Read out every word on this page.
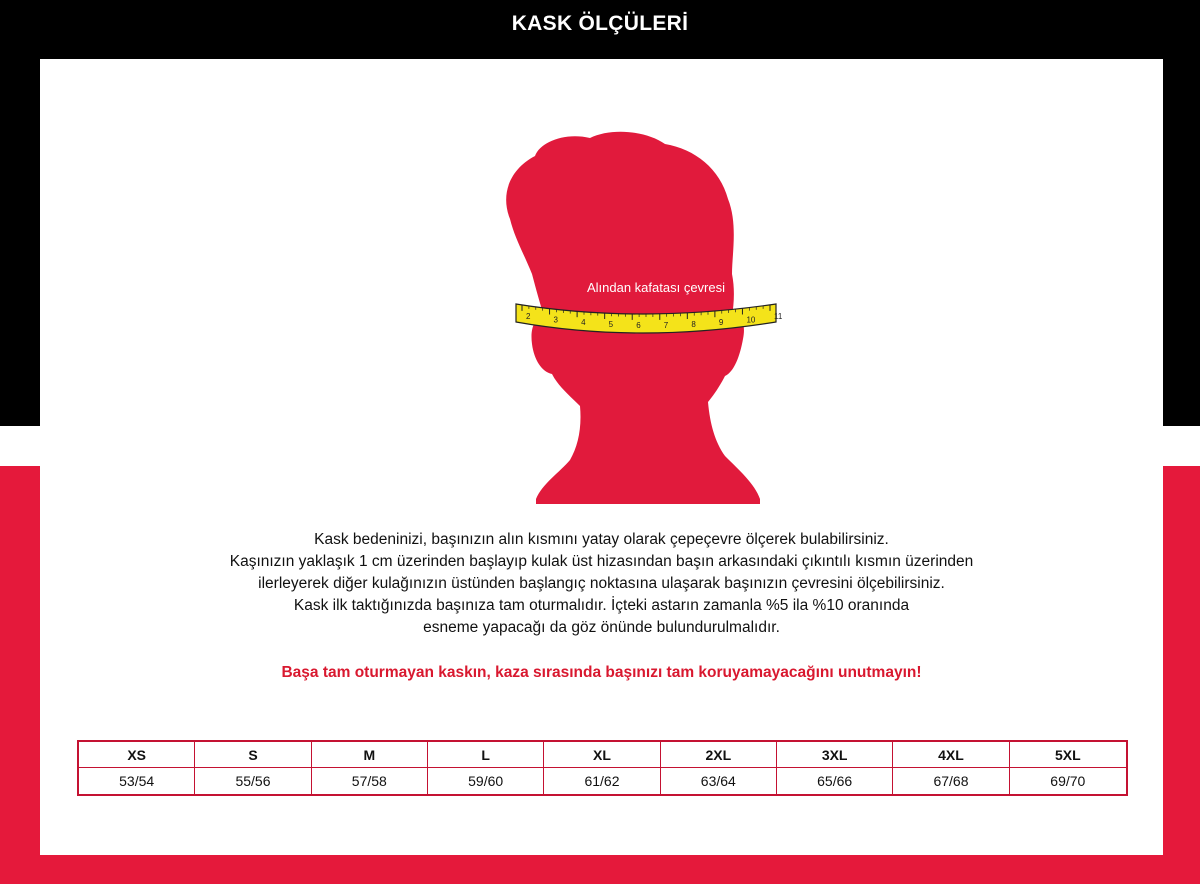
KASK ÖLÇÜLERİ
2	3	4	5	6	7	8	9	10 11
Alından kafatası çevresi
Kask bedeninizi, başınızın alın kısmını yatay olarak çepeçevre ölçerek bulabilirsiniz.
Kaşınızın yaklaşık 1 cm üzerinden başlayıp kulak üst hizasından başın arkasındaki çıkıntılı kısmın üzerinden
ilerleyerek diğer kulağınızın üstünden başlangıç noktasına ulaşarak başınızın çevresini ölçebilirsiniz.
Kask ilk taktığınızda başınıza tam oturmalıdır. İçteki astarın zamanla %5 ila %10 oranında
esneme yapacağı da göz önünde bulundurulmalıdır.
Başa tam oturmayan kaskın, kaza sırasında başınızı tam koruyamayacağını unutmayın!
XS	S	M	L	XL	2XL	3XL	4XL	5XL
53/54	55/56	57/58	59/60	61/62	63/64	65/66	67/68	69/70
